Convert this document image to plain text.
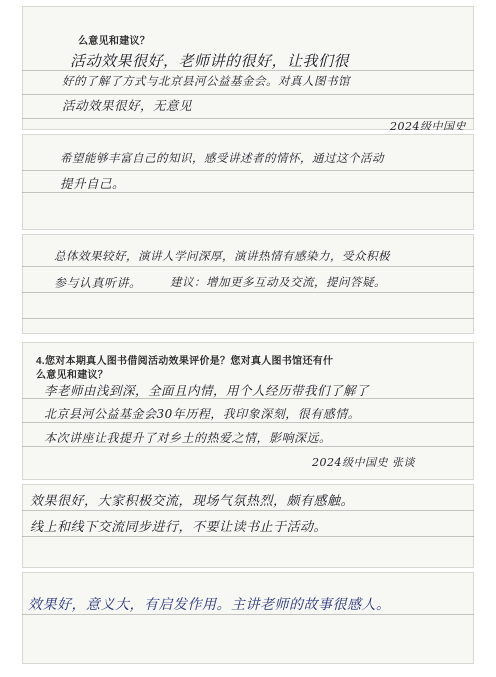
么意见和建议？
活动效果很好，老师讲的很好，让我们很
好的了解了方式与北京县河公益基金会。对真人图书馆
活动效果很好，无意见
2024级中国史
希望能够丰富自己的知识，感受讲述者的情怀，通过这个活动
提升自己。
总体效果较好，演讲人学问深厚，演讲热情有感染力，受众积极
参与认真听讲。 建议：增加更多互动及交流，提问答疑。
4.您对本期真人图书借阅活动效果评价是？您对真人图书馆还有什
么意见和建议？
李老师由浅到深，全面且内情，用个人经历带我们了解了
北京县河公益基金会30年历程，我印象深刻，很有感情。
本次讲座让我提升了对乡土的热爱之情，影响深远。
2024级中国史 张谈
效果很好，大家积极交流，现场气氛热烈，颇有感触。
线上和线下交流同步进行，不要让读书止于活动。
效果好，意义大，有启发作用。主讲老师的故事很感人。
